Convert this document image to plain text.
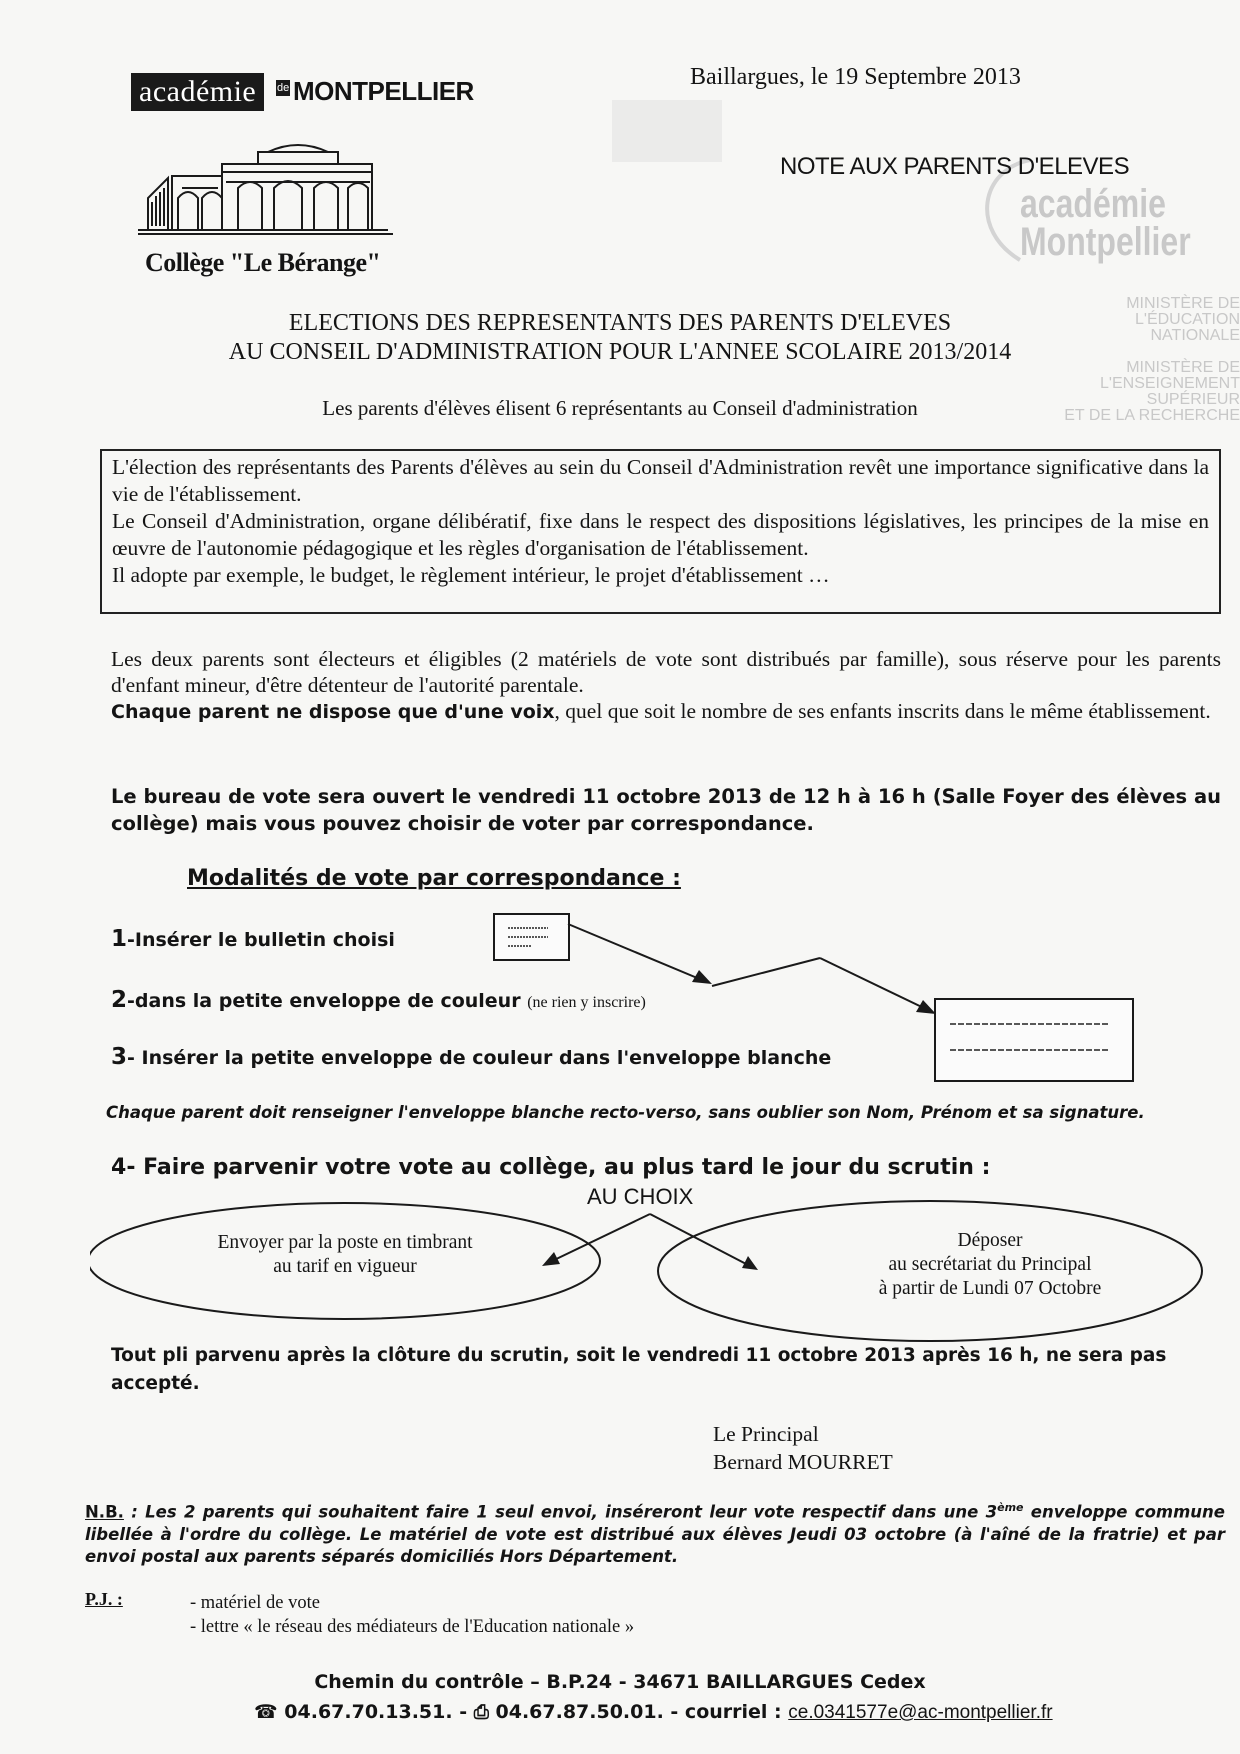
académie
Montpellier
MINISTÈRE DE
L'ÉDUCATION NATIONALE
MINISTÈRE DE
L'ENSEIGNEMENT SUPÉRIEUR
ET DE LA RECHERCHE
académie	de MONTPELLIER
Collège "Le Bérange"
Baillargues, le 19 Septembre 2013
NOTE AUX PARENTS D'ELEVES
ELECTIONS DES REPRESENTANTS DES PARENTS D'ELEVES
AU CONSEIL D'ADMINISTRATION POUR L'ANNEE SCOLAIRE 2013/2014
Les parents d'élèves élisent 6 représentants au Conseil d'administration

L'élection des représentants des Parents d'élèves au sein du Conseil d'Administration revêt une importance significative dans la vie de l'établissement.

Le Conseil d'Administration, organe délibératif, fixe dans le respect des dispositions législatives, les principes de la mise en œuvre de l'autonomie pédagogique et les règles d'organisation de l'établissement.

Il adopte par exemple, le budget, le règlement intérieur, le projet d'établissement …

Les deux parents sont électeurs et éligibles (2 matériels de vote sont distribués par famille), sous réserve pour les parents d'enfant mineur, d'être détenteur de l'autorité parentale.

Chaque parent ne dispose que d'une voix, quel que soit le nombre de ses enfants inscrits dans le même établissement.

Le bureau de vote sera ouvert le vendredi 11 octobre 2013 de 12 h à 16 h (Salle Foyer des élèves au collège) mais vous pouvez choisir de voter par correspondance.
Modalités de vote par correspondance :
1-Insérer le bulletin choisi
2-dans la petite enveloppe de couleur (ne rien y inscrire)
3- Insérer la petite enveloppe de couleur dans l'enveloppe blanche
Chaque parent doit renseigner l'enveloppe blanche recto-verso, sans oublier son Nom, Prénom et sa signature.
4- Faire parvenir votre vote au collège, au plus tard le jour du scrutin :
AU CHOIX
Envoyer par la poste en timbrant
au tarif en vigueur
Déposer
au secrétariat du Principal
à partir de Lundi 07 Octobre
Tout pli parvenu après la clôture du scrutin, soit le vendredi 11 octobre 2013 après 16 h, ne sera pas accepté.
Le Principal
Bernard MOURRET
N.B. : Les 2 parents qui souhaitent faire 1 seul envoi, inséreront leur vote respectif dans une 3ème enveloppe commune libellée à l'ordre du collège. Le matériel de vote est distribué aux élèves Jeudi 03 octobre (à l'aîné de la fratrie) et par envoi postal aux parents séparés domiciliés Hors Département.
P.J. :	- matériel de vote
- lettre « le réseau des médiateurs de l'Education nationale »
Chemin du contrôle – B.P.24 - 34671 BAILLARGUES Cedex
☎ 04.67.70.13.51. - ⎙ 04.67.87.50.01. - courriel : ce.0341577e@ac-montpellier.fr
